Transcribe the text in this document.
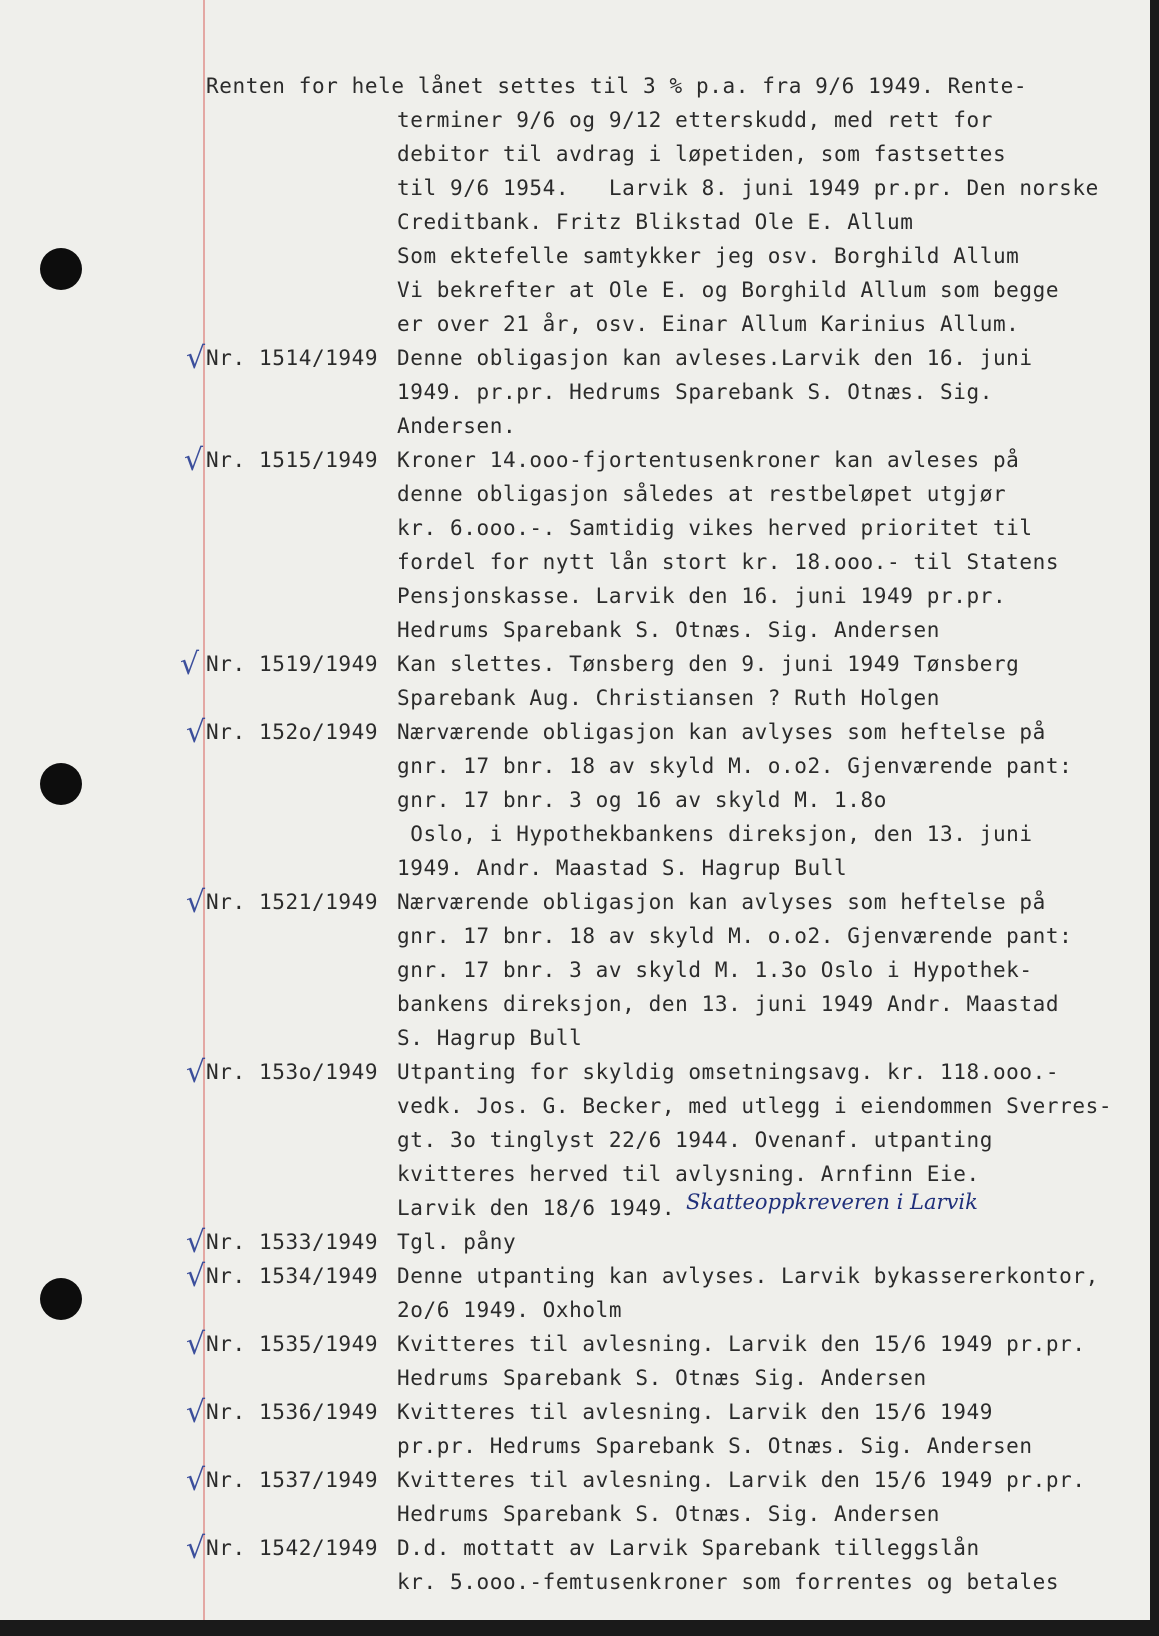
Renten for hele lånet settes til 3 % p.a. fra 9/6 1949. Rente-
terminer 9/6 og 9/12 etterskudd, med rett for
debitor til avdrag i løpetiden, som fastsettes
til 9/6 1954.   Larvik 8. juni 1949 pr.pr. Den norske
Creditbank. Fritz Blikstad Ole E. Allum
Som ektefelle samtykker jeg osv. Borghild Allum
Vi bekrefter at Ole E. og Borghild Allum som begge
er over 21 år, osv. Einar Allum Karinius Allum.
√ Nr. 1514/1949 Denne obligasjon kan avleses.Larvik den 16. juni
1949. pr.pr. Hedrums Sparebank S. Otnæs. Sig.
Andersen.
√ Nr. 1515/1949 Kroner 14.ooo-fjortentusenkroner kan avleses på
denne obligasjon således at restbeløpet utgjør
kr. 6.ooo.-. Samtidig vikes herved prioritet til
fordel for nytt lån stort kr. 18.ooo.- til Statens
Pensjonskasse. Larvik den 16. juni 1949 pr.pr.
Hedrums Sparebank S. Otnæs. Sig. Andersen
√ Nr. 1519/1949 Kan slettes. Tønsberg den 9. juni 1949 Tønsberg
Sparebank Aug. Christiansen ? Ruth Holgen
√ Nr. 152o/1949 Nærværende obligasjon kan avlyses som heftelse på
gnr. 17 bnr. 18 av skyld M. o.o2. Gjenværende pant:
gnr. 17 bnr. 3 og 16 av skyld M. 1.8o
Oslo, i Hypothekbankens direksjon, den 13. juni
1949. Andr. Maastad S. Hagrup Bull
√ Nr. 1521/1949 Nærværende obligasjon kan avlyses som heftelse på
gnr. 17 bnr. 18 av skyld M. o.o2. Gjenværende pant:
gnr. 17 bnr. 3 av skyld M. 1.3o Oslo i Hypothek-
bankens direksjon, den 13. juni 1949 Andr. Maastad
S. Hagrup Bull
√ Nr. 153o/1949 Utpanting for skyldig omsetningsavg. kr. 118.ooo.-
vedk. Jos. G. Becker, med utlegg i eiendommen Sverres-
gt. 3o tinglyst 22/6 1944. Ovenanf. utpanting
kvitteres herved til avlysning. Arnfinn Eie.
Larvik den 18/6 1949. Skatteoppkreveren i Larvik
√ Nr. 1533/1949 Tgl. påny
√ Nr. 1534/1949 Denne utpanting kan avlyses. Larvik bykassererkontor,
2o/6 1949. Oxholm
√ Nr. 1535/1949 Kvitteres til avlesning. Larvik den 15/6 1949 pr.pr.
Hedrums Sparebank S. Otnæs Sig. Andersen
√ Nr. 1536/1949 Kvitteres til avlesning. Larvik den 15/6 1949
pr.pr. Hedrums Sparebank S. Otnæs. Sig. Andersen
√ Nr. 1537/1949 Kvitteres til avlesning. Larvik den 15/6 1949 pr.pr.
Hedrums Sparebank S. Otnæs. Sig. Andersen
√ Nr. 1542/1949 D.d. mottatt av Larvik Sparebank tilleggslån
kr. 5.ooo.-femtusenkroner som forrentes og betales
